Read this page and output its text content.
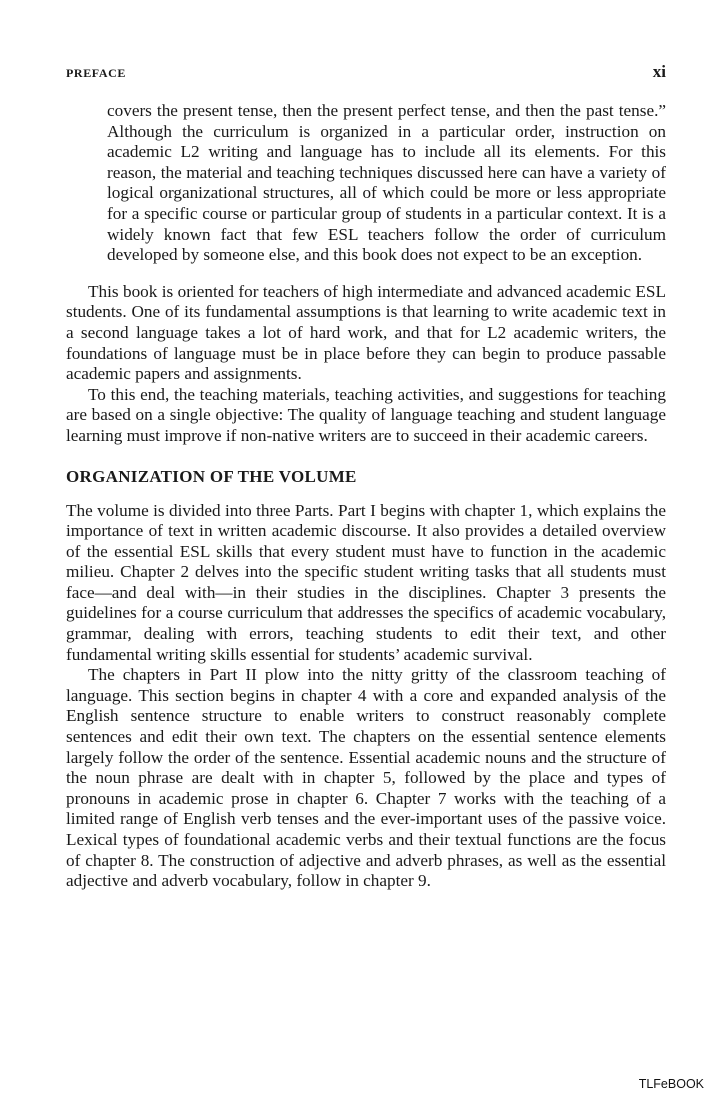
PREFACE	xi

covers the present tense, then the present perfect tense, and then the past tense.” Although the curriculum is organized in a particular order, instruction on academic L2 writing and language has to include all its elements. For this reason, the material and teaching techniques discussed here can have a variety of logical organizational structures, all of which could be more or less appropriate for a specific course or particular group of students in a particular context. It is a widely known fact that few ESL teachers follow the order of curriculum developed by someone else, and this book does not expect to be an exception.

This book is oriented for teachers of high intermediate and advanced academic ESL students. One of its fundamental assumptions is that learning to write academic text in a second language takes a lot of hard work, and that for L2 academic writers, the foundations of language must be in place before they can begin to produce passable academic papers and assignments.

To this end, the teaching materials, teaching activities, and suggestions for teaching are based on a single objective: The quality of language teaching and student language learning must improve if non-native writers are to succeed in their academic careers.

ORGANIZATION OF THE VOLUME

The volume is divided into three Parts. Part I begins with chapter 1, which explains the importance of text in written academic discourse. It also provides a detailed overview of the essential ESL skills that every student must have to function in the academic milieu. Chapter 2 delves into the specific student writing tasks that all students must face—and deal with—in their studies in the disciplines. Chapter 3 presents the guidelines for a course curriculum that addresses the specifics of academic vocabulary, grammar, dealing with errors, teaching students to edit their text, and other fundamental writing skills essential for students’ academic survival.

The chapters in Part II plow into the nitty gritty of the classroom teaching of language. This section begins in chapter 4 with a core and expanded analysis of the English sentence structure to enable writers to construct reasonably complete sentences and edit their own text. The chapters on the essential sentence elements largely follow the order of the sentence. Essential academic nouns and the structure of the noun phrase are dealt with in chapter 5, followed by the place and types of pronouns in academic prose in chapter 6. Chapter 7 works with the teaching of a limited range of English verb tenses and the ever-important uses of the passive voice. Lexical types of foundational academic verbs and their textual functions are the focus of chapter 8. The construction of adjective and adverb phrases, as well as the essential adjective and adverb vocabulary, follow in chapter 9.

TLFeBOOK
